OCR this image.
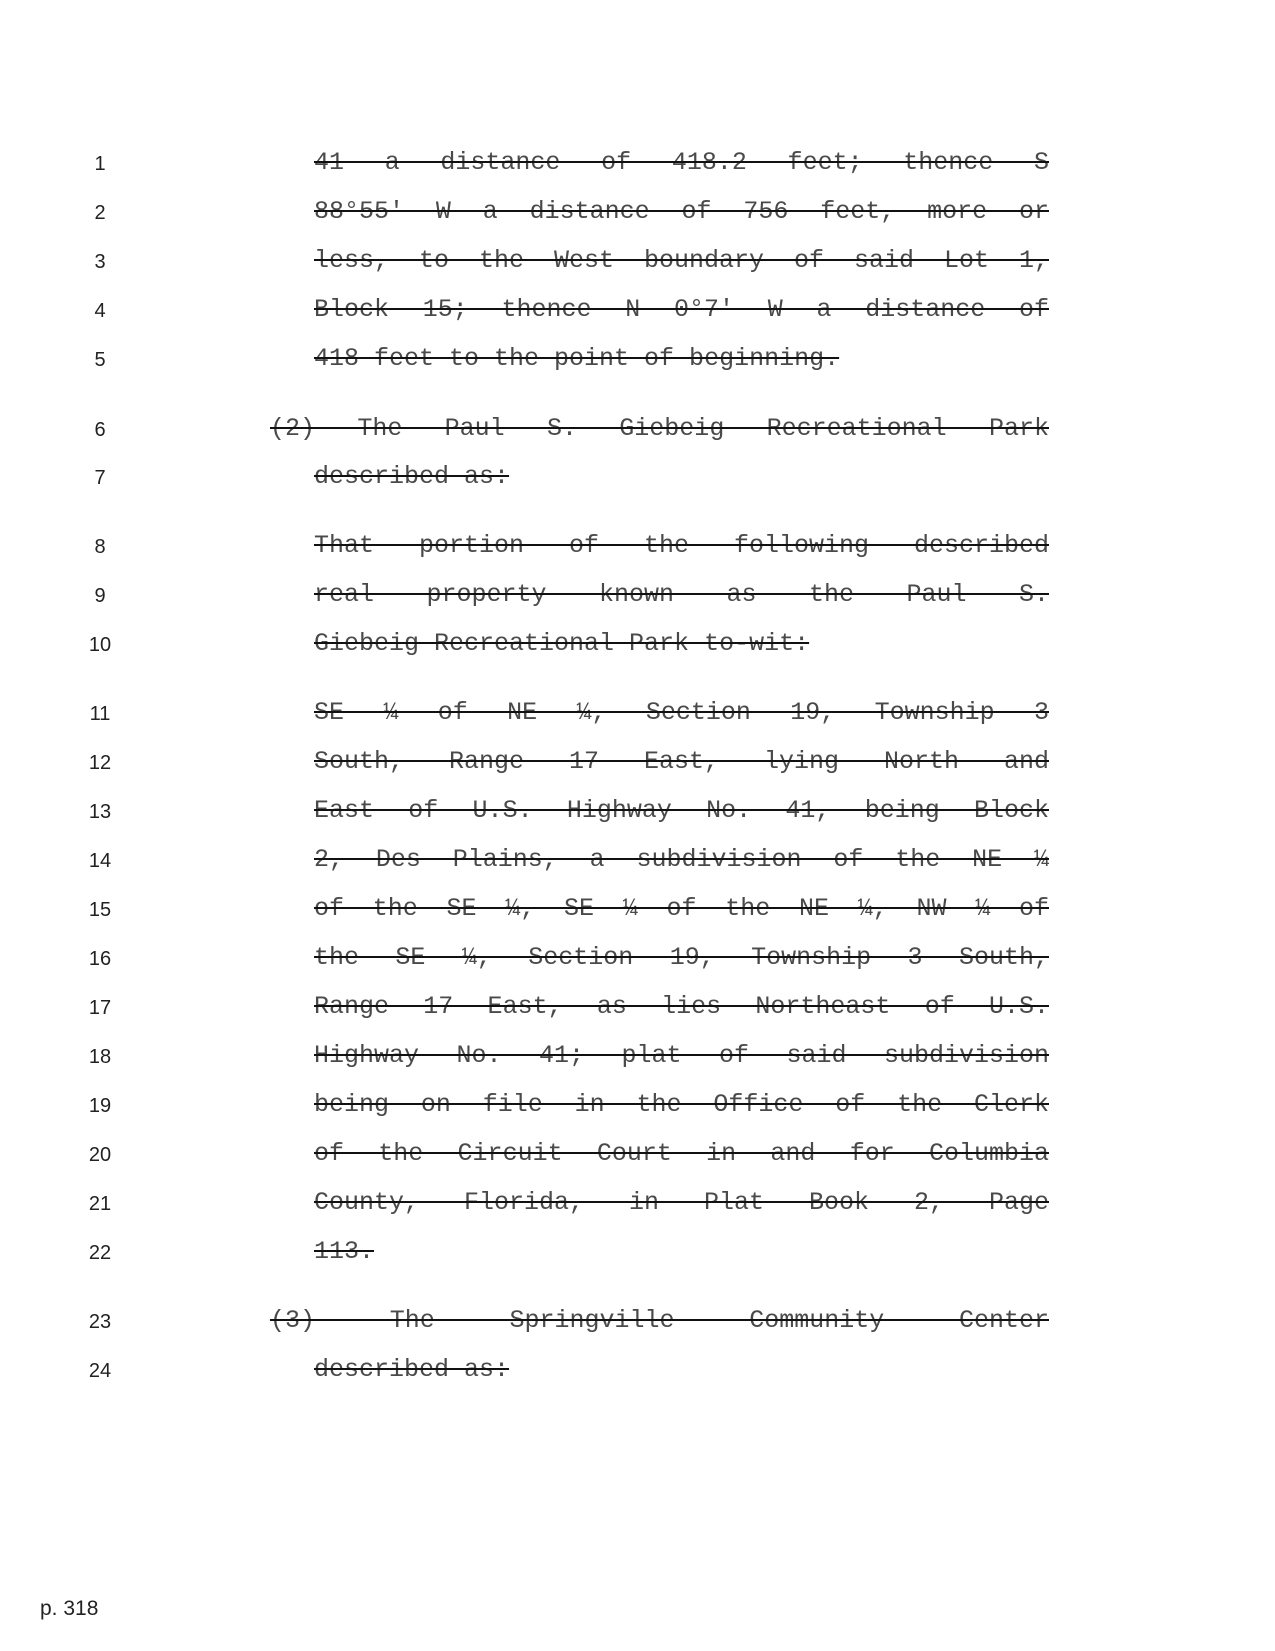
1
2
3
4
5
6
7
8
9
10
11
12
13
14
15
16
17
18
19
20
21
22
23
24
41 a distance of 418.2 feet; thence S
88°55′ W a distance of 756 feet, more or
less, to the West boundary of said Lot 1,
Block 15; thence N 0°7′ W a distance of
418 feet to the point of beginning.
(2) The Paul S. Giebeig Recreational Park
described as:
That portion of the following described
real property known as the Paul S.
Giebeig Recreational Park to-wit:
SE ¼ of NE ¼, Section 19, Township 3
South, Range 17 East, lying North and
East of U.S. Highway No. 41, being Block
2, Des Plains, a subdivision of the NE ¼
of the SE ¼, SE ¼ of the NE ¼, NW ¼ of
the SE ¼, Section 19, Township 3 South,
Range 17 East, as lies Northeast of U.S.
Highway No. 41; plat of said subdivision
being on file in the Office of the Clerk
of the Circuit Court in and for Columbia
County, Florida, in Plat Book 2, Page
113.
(3) The Springville Community Center
described as:
p. 318
